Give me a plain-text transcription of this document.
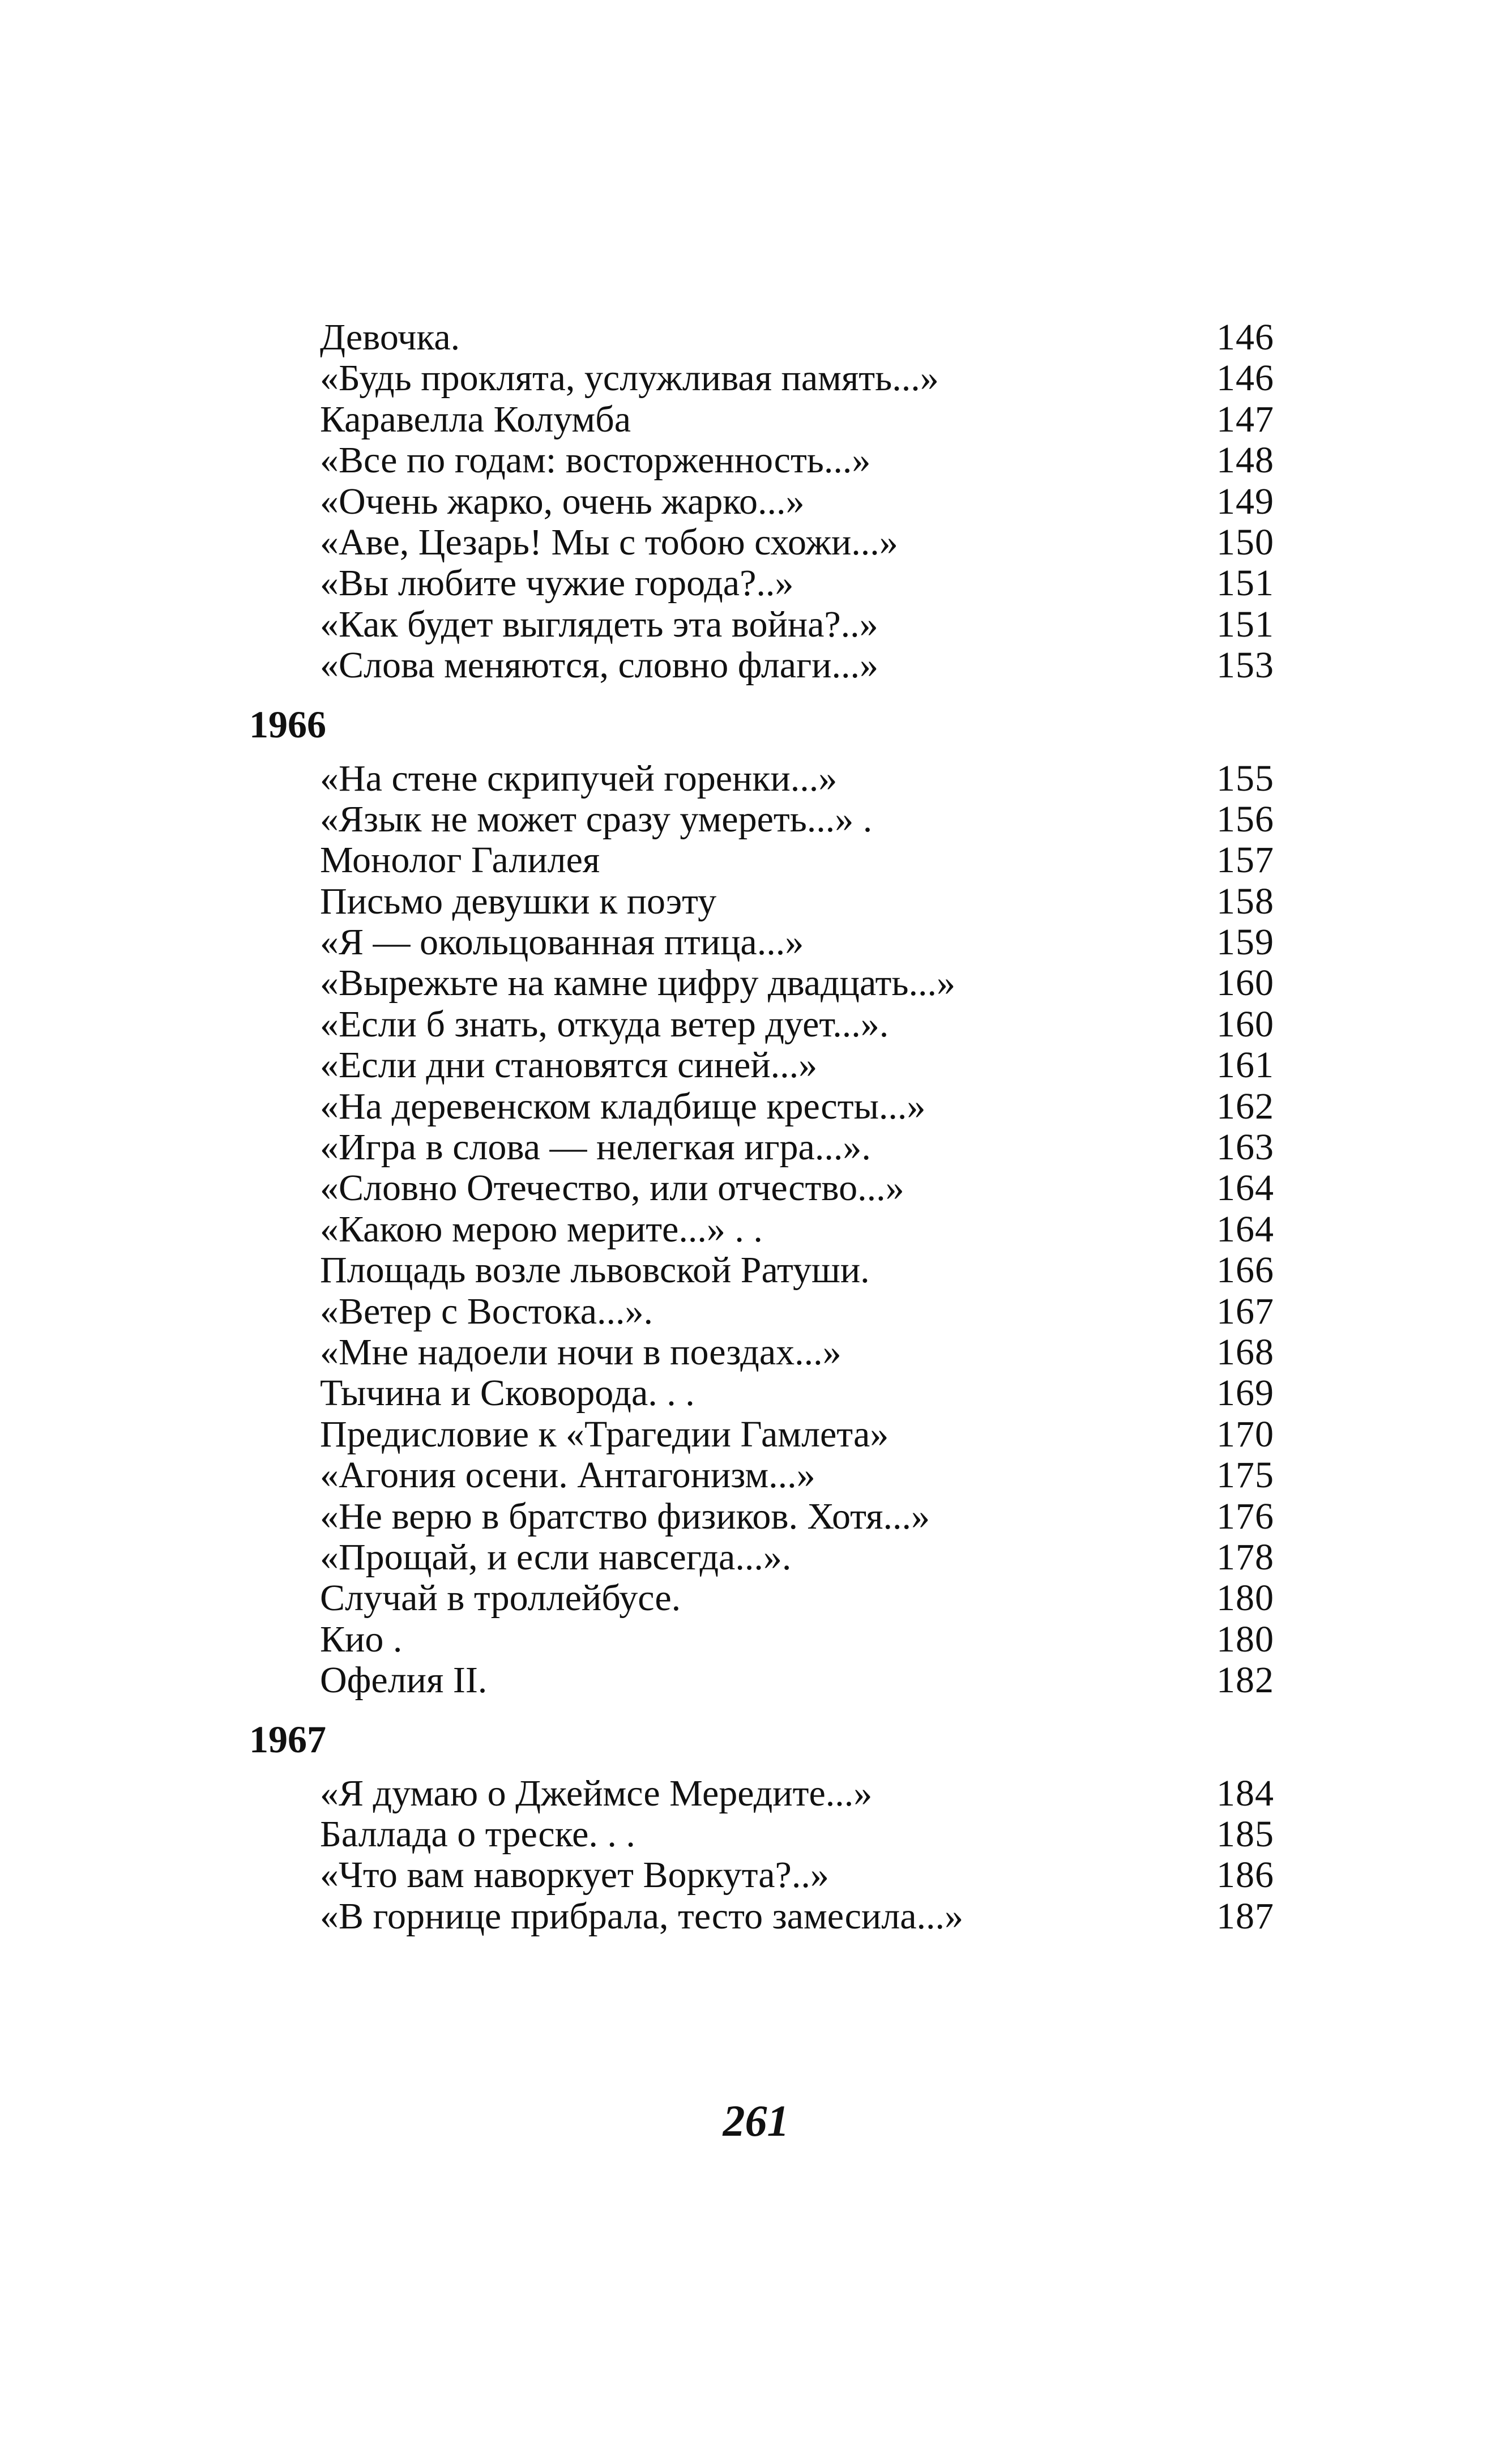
Девочка.	146
«Будь проклята, услужливая память...»	146
Каравелла Колумба	147
«Все по годам: восторженность...»	148
«Очень жарко, очень жарко...»	149
«Аве, Цезарь! Мы с тобою схожи...»	150
«Вы любите чужие города?..»	151
«Как будет выглядеть эта война?..»	151
«Слова меняются, словно флаги...»	153
1966
«На стене скрипучей горенки...»	155
«Язык не может сразу умереть...» .	156
Монолог Галилея	157
Письмо девушки к поэту	158
«Я — окольцованная птица...»	159
«Вырежьте на камне цифру двадцать...»	160
«Если б знать, откуда ветер дует...».	160
«Если дни становятся синей...»	161
«На деревенском кладбище кресты...»	162
«Игра в слова — нелегкая игра...».	163
«Словно Отечество, или отчество...»	164
«Какою мерою мерите...» . .	164
Площадь возле львовской Ратуши.	166
«Ветер с Востока...».	167
«Мне надоели ночи в поездах...»	168
Тычина и Сковорода. . .	169
Предисловие к «Трагедии Гамлета»	170
«Агония осени. Антагонизм...»	175
«Не верю в братство физиков. Хотя...»	176
«Прощай, и если навсегда...».	178
Случай в троллейбусе.	180
Кио .	180
Офелия II.	182
1967
«Я думаю о Джеймсе Мередите...»	184
Баллада о треске. . .	185
«Что вам наворкует Воркута?..»	186
«В горнице прибрала, тесто замесила...»	187
261
